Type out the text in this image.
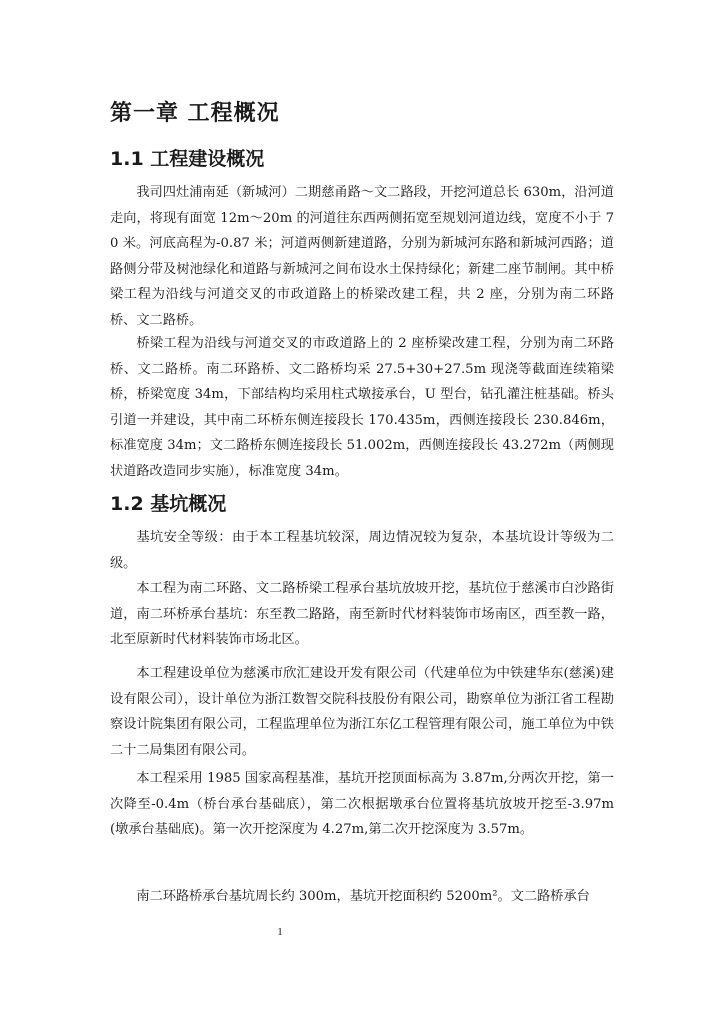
第一章 工程概况
1.1 工程建设概况

我司四灶浦南延（新城河）二期慈甬路～文二路段，开挖河道总长 630m，沿河道走向，将现有面宽 12m～20m 的河道往东西两侧拓宽至规划河道边线，宽度不小于 70 米。河底高程为-0.87 米；河道两侧新建道路，分别为新城河东路和新城河西路；道路侧分带及树池绿化和道路与新城河之间布设水土保持绿化；新建二座节制闸。其中桥梁工程为沿线与河道交叉的市政道路上的桥梁改建工程，共 2 座，分别为南二环路桥、文二路桥。

桥梁工程为沿线与河道交叉的市政道路上的 2 座桥梁改建工程，分别为南二环路桥、文二路桥。南二环路桥、文二路桥均采 27.5+30+27.5m 现浇等截面连续箱梁桥，桥梁宽度 34m，下部结构均采用柱式墩接承台，U 型台，钻孔灌注桩基础。桥头引道一并建设，其中南二环桥东侧连接段长 170.435m，西侧连接段长 230.846m，标准宽度 34m；文二路桥东侧连接段长 51.002m，西侧连接段长 43.272m（两侧现状道路改造同步实施），标准宽度 34m。

1.2 基坑概况

基坑安全等级：由于本工程基坑较深，周边情况较为复杂，本基坑设计等级为二级。

本工程为南二环路、文二路桥梁工程承台基坑放坡开挖，基坑位于慈溪市白沙路街道，南二环桥承台基坑：东至教二路路，南至新时代材料装饰市场南区，西至教一路，北至原新时代材料装饰市场北区。

本工程建设单位为慈溪市欣汇建设开发有限公司（代建单位为中铁建华东(慈溪)建设有限公司），设计单位为浙江数智交院科技股份有限公司，勘察单位为浙江省工程勘察设计院集团有限公司，工程监理单位为浙江东亿工程管理有限公司，施工单位为中铁二十二局集团有限公司。

本工程采用 1985 国家高程基准，基坑开挖顶面标高为 3.87m,分两次开挖，第一次降至-0.4m（桥台承台基础底），第二次根据墩承台位置将基坑放坡开挖至-3.97m(墩承台基础底)。第一次开挖深度为 4.27m,第二次开挖深度为 3.57m。

南二环路桥承台基坑周长约 300m，基坑开挖面积约 5200m²。文二路桥承台

1
